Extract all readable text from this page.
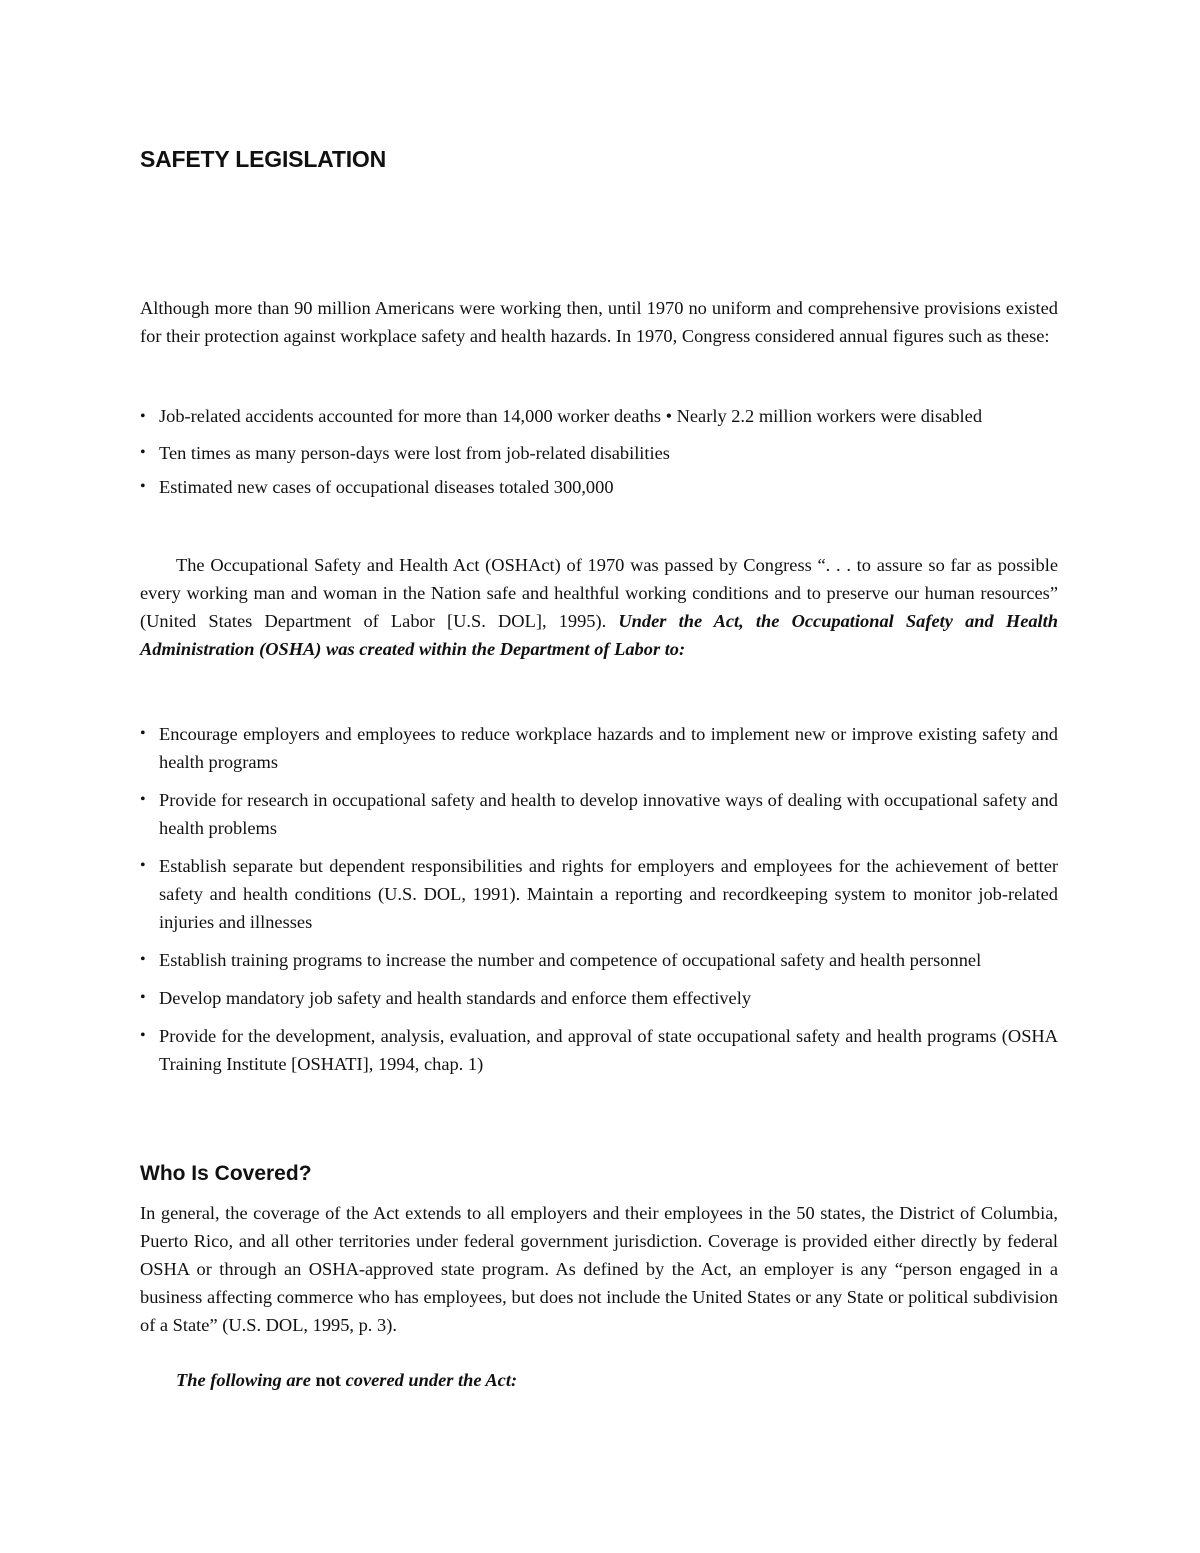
SAFETY LEGISLATION

Although more than 90 million Americans were working then, until 1970 no uniform and comprehensive provisions existed for their protection against workplace safety and health hazards. In 1970, Congress considered annual figures such as these:

• Job-related accidents accounted for more than 14,000 worker deaths • Nearly 2.2 million workers were disabled
• Ten times as many person-days were lost from job-related disabilities
• Estimated new cases of occupational diseases totaled 300,000

The Occupational Safety and Health Act (OSHAct) of 1970 was passed by Congress “. . . to assure so far as possible every working man and woman in the Nation safe and healthful working conditions and to preserve our human resources” (United States Department of Labor [U.S. DOL], 1995). Under the Act, the Occupational Safety and Health Administration (OSHA) was created within the Department of Labor to:

• Encourage employers and employees to reduce workplace hazards and to implement new or improve existing safety and health programs
• Provide for research in occupational safety and health to develop innovative ways of dealing with occupational safety and health problems
• Establish separate but dependent responsibilities and rights for employers and employees for the achievement of better safety and health conditions (U.S. DOL, 1991). Maintain a reporting and recordkeeping system to monitor job-related injuries and illnesses
• Establish training programs to increase the number and competence of occupational safety and health personnel
• Develop mandatory job safety and health standards and enforce them effectively
• Provide for the development, analysis, evaluation, and approval of state occupational safety and health programs (OSHA Training Institute [OSHATI], 1994, chap. 1)
Who Is Covered?

In general, the coverage of the Act extends to all employers and their employees in the 50 states, the District of Columbia, Puerto Rico, and all other territories under federal government jurisdiction. Coverage is provided either directly by federal OSHA or through an OSHA-approved state program. As defined by the Act, an employer is any “person engaged in a business affecting commerce who has employees, but does not include the United States or any State or political subdivision of a State” (U.S. DOL, 1995, p. 3).

The following are not covered under the Act:
